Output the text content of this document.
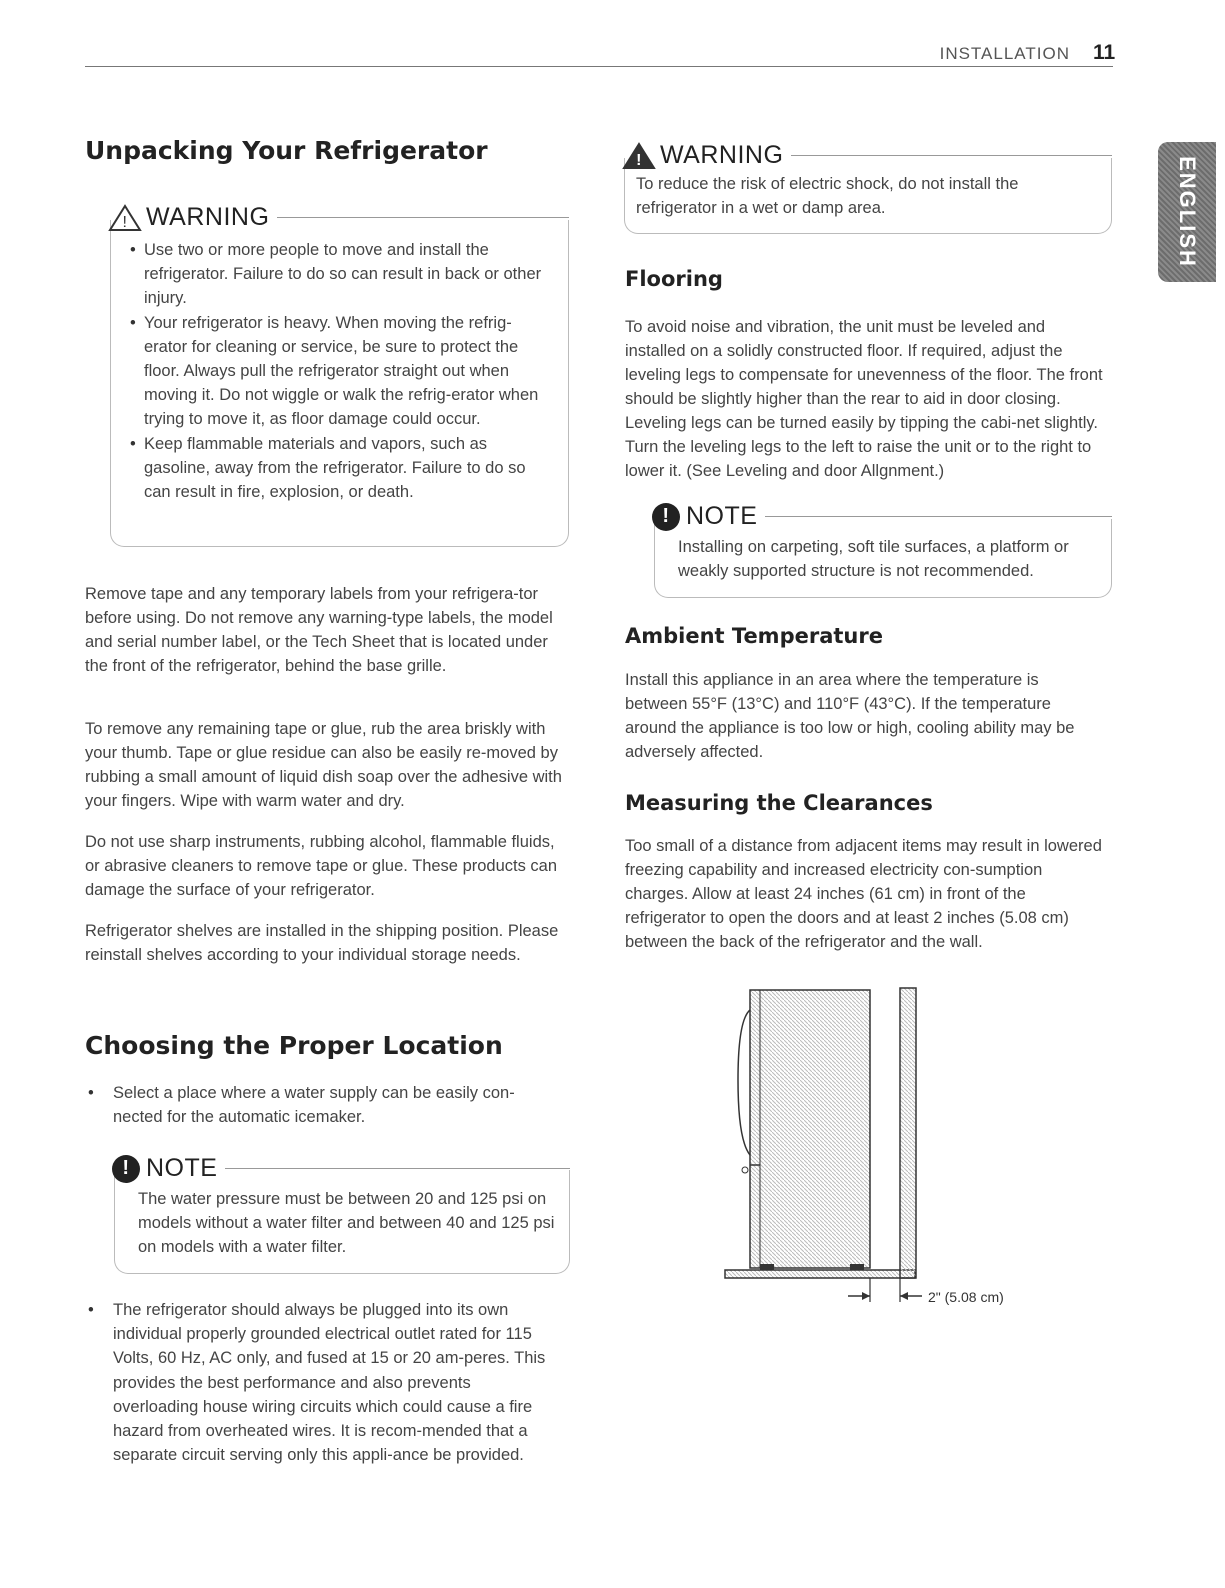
INSTALLATION 11
ENGLISH
Unpacking Your Refrigerator
! WARNING
• Use two or more people to move and install the refrigerator. Failure to do so can result in back or other injury.
• Your refrigerator is heavy. When moving the refrig-erator for cleaning or service, be sure to protect the floor. Always pull the refrigerator straight out when moving it. Do not wiggle or walk the refrig-erator when trying to move it, as floor damage could occur.
• Keep flammable materials and vapors, such as gasoline, away from the refrigerator. Failure to do so can result in fire, explosion, or death.

Remove tape and any temporary labels from your refrigera-tor before using. Do not remove any warning-type labels, the model and serial number label, or the Tech Sheet that is located under the front of the refrigerator, behind the base grille.

To remove any remaining tape or glue, rub the area briskly with your thumb. Tape or glue residue can also be easily re-moved by rubbing a small amount of liquid dish soap over the adhesive with your fingers. Wipe with warm water and dry.

Do not use sharp instruments, rubbing alcohol, flammable fluids, or abrasive cleaners to remove tape or glue. These products can damage the surface of your refrigerator.

Refrigerator shelves are installed in the shipping position. Please reinstall shelves according to your individual storage needs.

Choosing the Proper Location
• Select a place where a water supply can be easily con-nected for the automatic icemaker.
! NOTE

The water pressure must be between 20 and 125 psi on models without a water filter and between 40 and 125 psi on models with a water filter.

• The refrigerator should always be plugged into its own individual properly grounded electrical outlet rated for 115 Volts, 60 Hz, AC only, and fused at 15 or 20 am-peres. This provides the best performance and also prevents overloading house wiring circuits which could cause a fire hazard from overheated wires. It is recom-mended that a separate circuit serving only this appli-ance be provided.
! WARNING

To reduce the risk of electric shock, do not install the refrigerator in a wet or damp area.

Flooring

To avoid noise and vibration, the unit must be leveled and installed on a solidly constructed floor. If required, adjust the leveling legs to compensate for unevenness of the floor. The front should be slightly higher than the rear to aid in door closing. Leveling legs can be turned easily by tipping the cabi-net slightly. Turn the leveling legs to the left to raise the unit or to the right to lower it. (See Leveling and door Allgnment.)

! NOTE

Installing on carpeting, soft tile surfaces, a platform or weakly supported structure is not recommended.

Ambient Temperature

Install this appliance in an area where the temperature is between 55°F (13°C) and 110°F (43°C). If the temperature around the appliance is too low or high, cooling ability may be adversely affected.

Measuring the Clearances

Too small of a distance from adjacent items may result in lowered freezing capability and increased electricity con-sumption charges. Allow at least 24 inches (61 cm) in front of the refrigerator to open the doors and at least 2 inches (5.08 cm) between the back of the refrigerator and the wall.

2" (5.08 cm)
